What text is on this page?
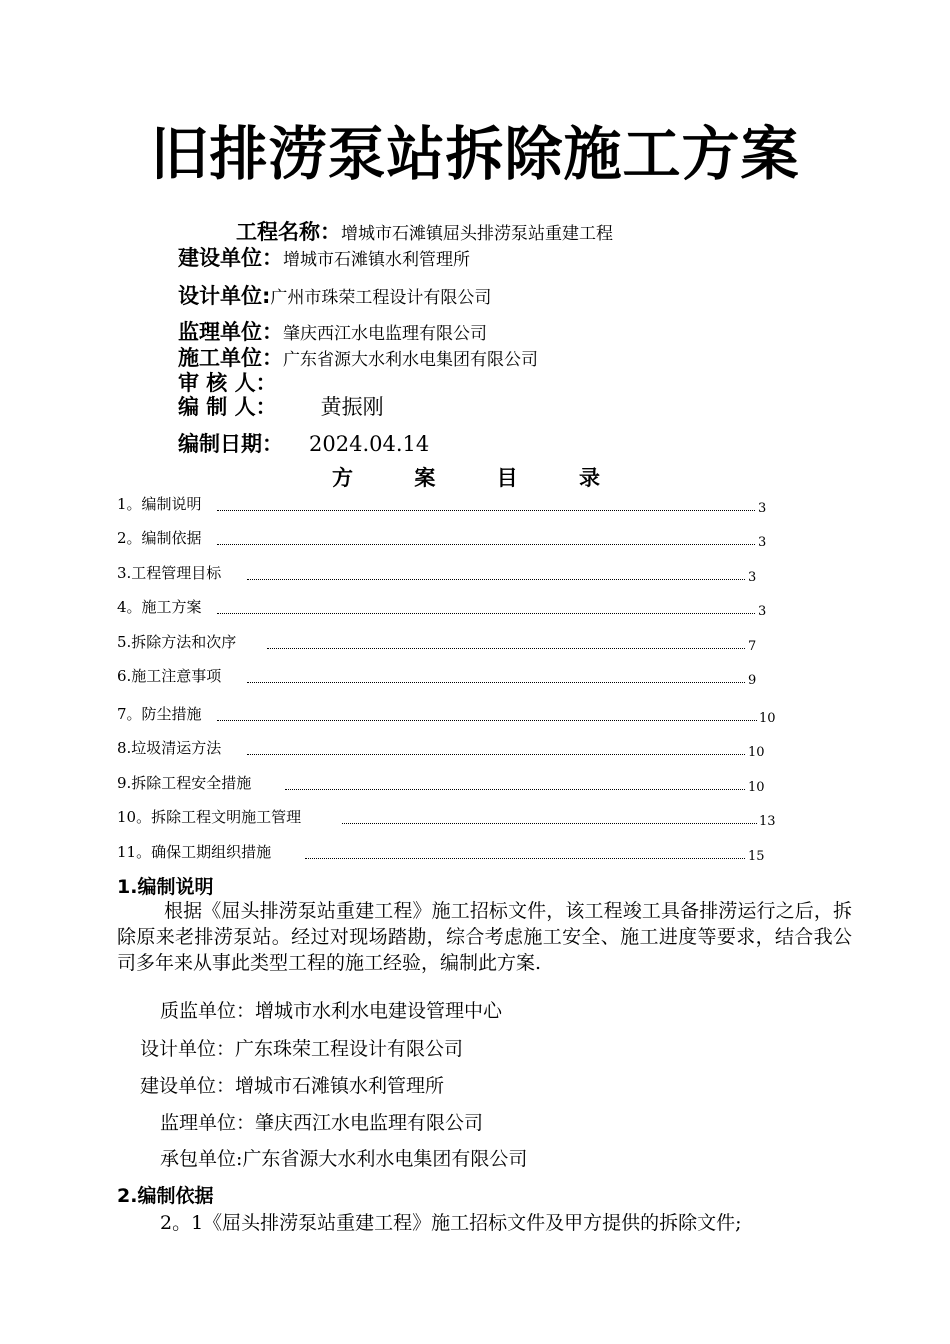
旧排涝泵站拆除施工方案
工程名称：增城市石滩镇屈头排涝泵站重建工程
建设单位：增城市石滩镇水利管理所
设计单位:广州市珠荣工程设计有限公司
监理单位：肇庆西江水电监理有限公司
施工单位：广东省源大水利水电集团有限公司
审 核 人：
编 制 人： 黄振刚
编制日期： 2024.04.14
方 案 目 录
1。编制说明	3
2。编制依据	3
3.工程管理目标	3
4。施工方案	3
5.拆除方法和次序	7
6.施工注意事项	9
7。防尘措施	10
8.垃圾清运方法	10
9.拆除工程安全措施	10
10。拆除工程文明施工管理	13
11。确保工期组织措施	15
1.编制说明
根据《屈头排涝泵站重建工程》施工招标文件，该工程竣工具备排涝运行之后，拆除原来老排涝泵站。经过对现场踏勘，综合考虑施工安全、施工进度等要求，结合我公司多年来从事此类型工程的施工经验，编制此方案.
质监单位：增城市水利水电建设管理中心
设计单位：广东珠荣工程设计有限公司
建设单位：增城市石滩镇水利管理所
监理单位：肇庆西江水电监理有限公司
承包单位:广东省源大水利水电集团有限公司
2.编制依据
2。1《屈头排涝泵站重建工程》施工招标文件及甲方提供的拆除文件;
